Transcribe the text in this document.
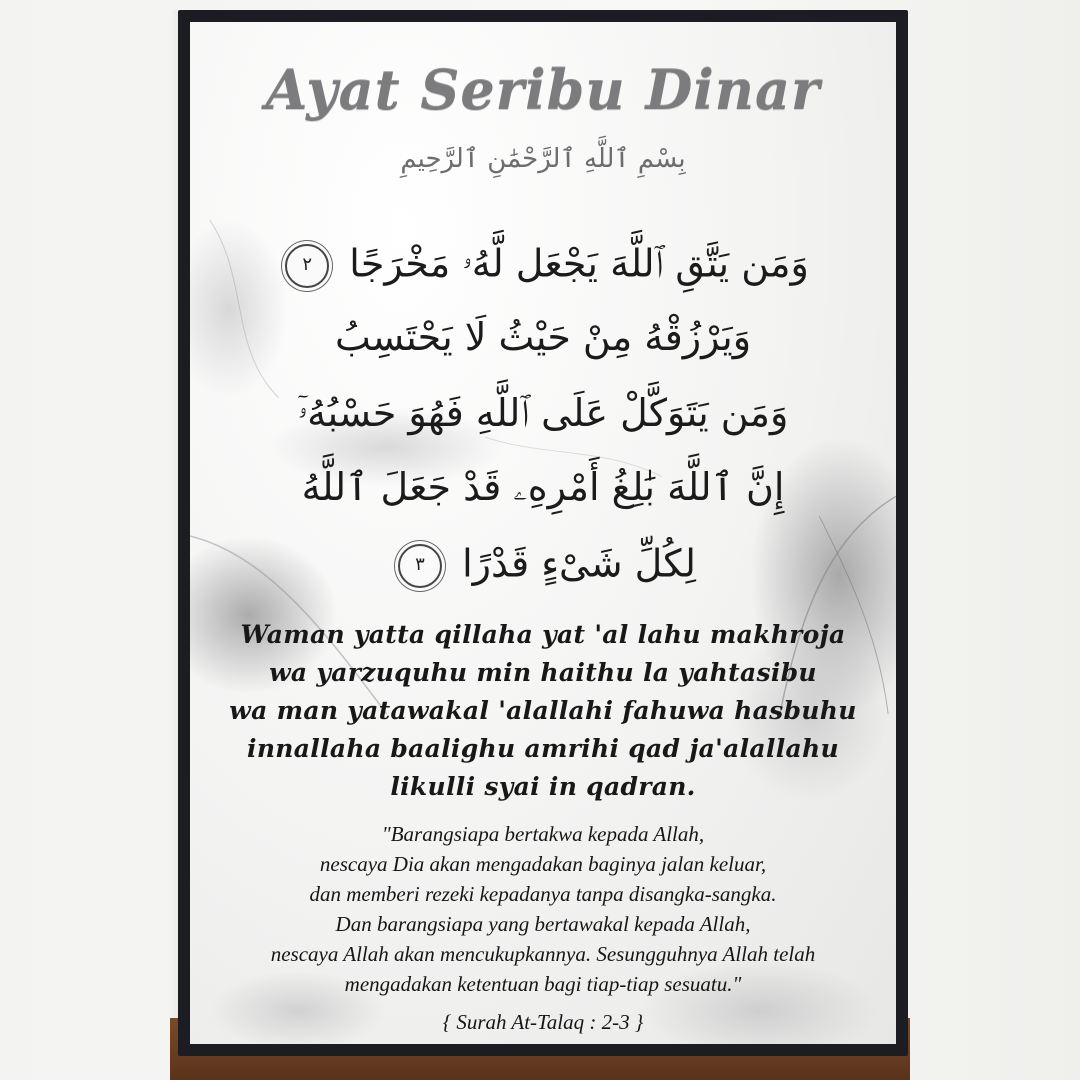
Ayat Seribu Dinar
بِسْمِ ٱللَّهِ ٱلرَّحْمَٰنِ ٱلرَّحِيمِ
وَمَن يَتَّقِ ٱللَّهَ يَجْعَل لَّهُۥ مَخْرَجًا ٢
وَيَرْزُقْهُ مِنْ حَيْثُ لَا يَحْتَسِبُ
وَمَن يَتَوَكَّلْ عَلَى ٱللَّهِ فَهُوَ حَسْبُهُۥٓ
إِنَّ ٱللَّهَ بَٰلِغُ أَمْرِهِۦ قَدْ جَعَلَ ٱللَّهُ
لِكُلِّ شَىْءٍ قَدْرًا ٣
Waman yatta qillaha yat 'al lahu makhroja
wa yarzuquhu min haithu la yahtasibu
wa man yatawakal 'alallahi fahuwa hasbuhu
innallaha baalighu amrihi qad ja'alallahu
likulli syai in qadran.
"Barangsiapa bertakwa kepada Allah,
nescaya Dia akan mengadakan baginya jalan keluar,
dan memberi rezeki kepadanya tanpa disangka-sangka.
Dan barangsiapa yang bertawakal kepada Allah,
nescaya Allah akan mencukupkannya. Sesungguhnya Allah telah
mengadakan ketentuan bagi tiap-tiap sesuatu."
{ Surah At-Talaq : 2-3 }
